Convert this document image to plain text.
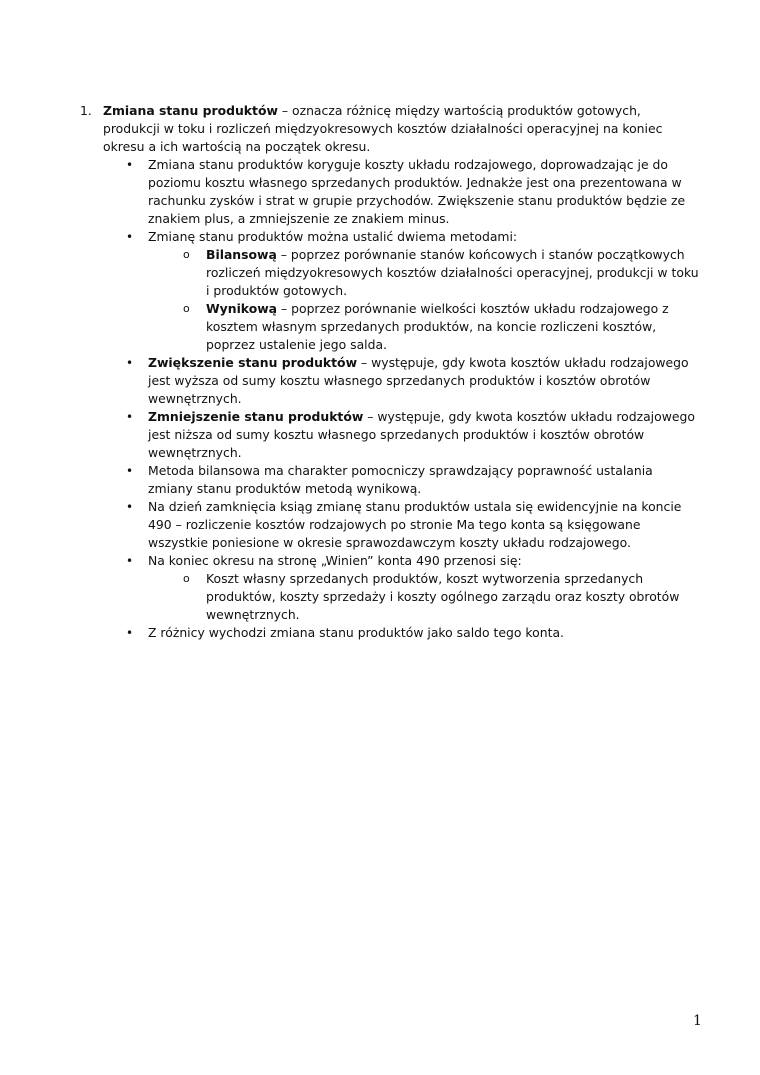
1. Zmiana stanu produktów – oznacza różnicę między wartością produktów gotowych, produkcji w toku i rozliczeń międzyokresowych kosztów działalności operacyjnej na koniec okresu a ich wartością na początek okresu.
• Zmiana stanu produktów koryguje koszty układu rodzajowego, doprowadzając je do poziomu kosztu własnego sprzedanych produktów. Jednakże jest ona prezentowana w rachunku zysków i strat w grupie przychodów. Zwiększenie stanu produktów będzie ze znakiem plus, a zmniejszenie ze znakiem minus.
• Zmianę stanu produktów można ustalić dwiema metodami:
o Bilansową – poprzez porównanie stanów końcowych i stanów początkowych rozliczeń międzyokresowych kosztów działalności operacyjnej, produkcji w toku i produktów gotowych.
o Wynikową – poprzez porównanie wielkości kosztów układu rodzajowego z kosztem własnym sprzedanych produktów, na koncie rozliczeni kosztów, poprzez ustalenie jego salda.
• Zwiększenie stanu produktów – występuje, gdy kwota kosztów układu rodzajowego jest wyższa od sumy kosztu własnego sprzedanych produktów i kosztów obrotów wewnętrznych.
• Zmniejszenie stanu produktów – występuje, gdy kwota kosztów układu rodzajowego jest niższa od sumy kosztu własnego sprzedanych produktów i kosztów obrotów wewnętrznych.
• Metoda bilansowa ma charakter pomocniczy sprawdzający poprawność ustalania zmiany stanu produktów metodą wynikową.
• Na dzień zamknięcia ksiąg zmianę stanu produktów ustala się ewidencyjnie na koncie 490 – rozliczenie kosztów rodzajowych po stronie Ma tego konta są księgowane wszystkie poniesione w okresie sprawozdawczym koszty układu rodzajowego.
• Na koniec okresu na stronę „Winien” konta 490 przenosi się:
o Koszt własny sprzedanych produktów, koszt wytworzenia sprzedanych produktów, koszty sprzedaży i koszty ogólnego zarządu oraz koszty obrotów wewnętrznych.
• Z różnicy wychodzi zmiana stanu produktów jako saldo tego konta.
1
